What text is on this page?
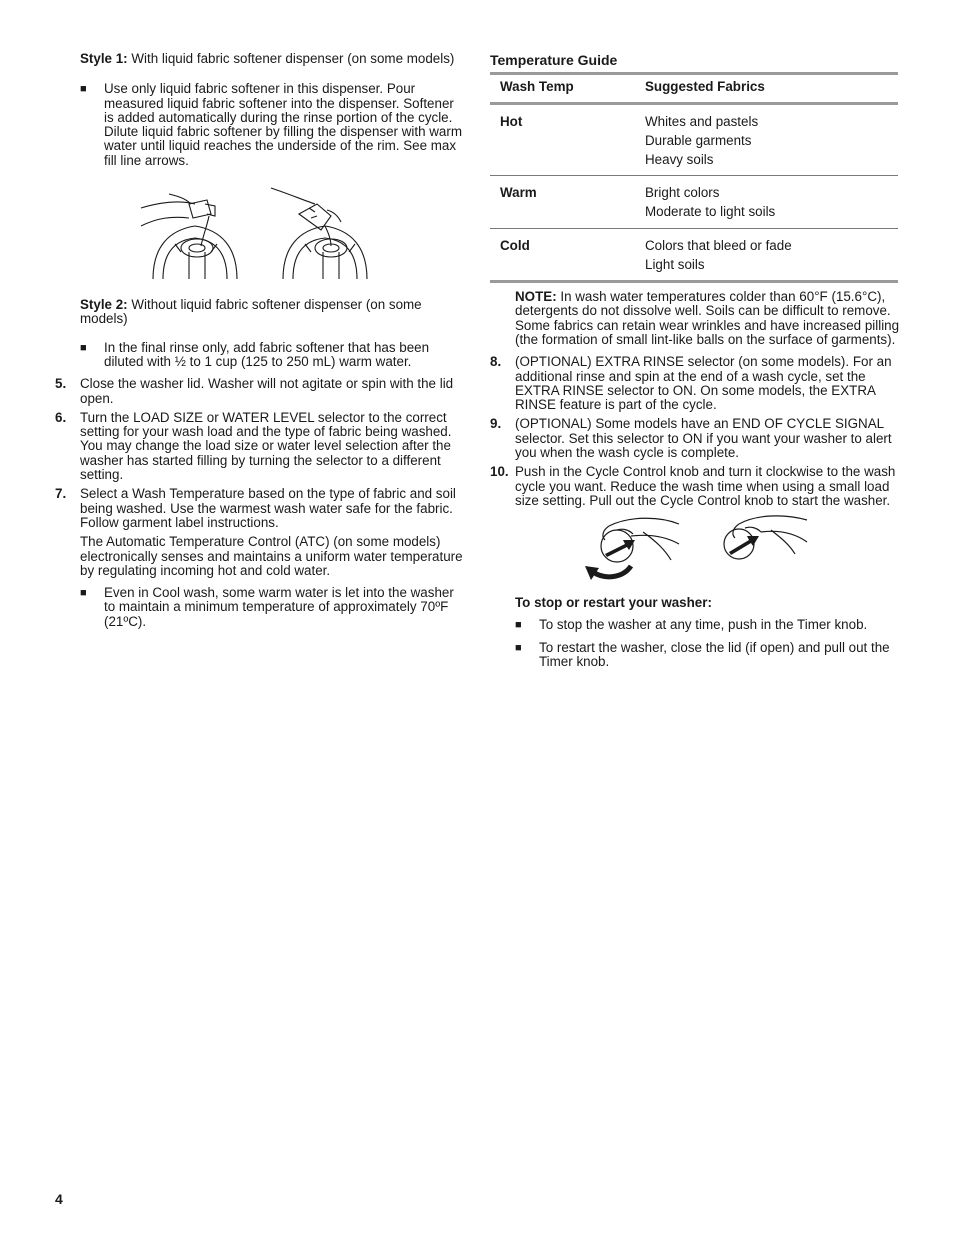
Style 1: With liquid fabric softener dispenser (on some models)

■	Use only liquid fabric softener in this dispenser. Pour measured liquid fabric softener into the dispenser. Softener is added automatically during the rinse portion of the cycle. Dilute liquid fabric softener by filling the dispenser with warm water until liquid reaches the underside of the rim. See max fill line arrows.

Style 2: Without liquid fabric softener dispenser (on some models)

■	In the final rinse only, add fabric softener that has been diluted with ½ to 1 cup (125 to 250 mL) warm water.
5.	Close the washer lid. Washer will not agitate or spin with the lid open.
6.	Turn the LOAD SIZE or WATER LEVEL selector to the correct setting for your wash load and the type of fabric being washed. You may change the load size or water level selection after the washer has started filling by turning the selector to a different setting.
7.	Select a Wash Temperature based on the type of fabric and soil being washed. Use the warmest wash water safe for the fabric. Follow garment label instructions.

The Automatic Temperature Control (ATC) (on some models) electronically senses and maintains a uniform water temperature by regulating incoming hot and cold water.

■	Even in Cool wash, some warm water is let into the washer to maintain a minimum temperature of approximately 70ºF (21ºC).
Temperature Guide
Wash Temp	Suggested Fabrics
Hot	Whites and pastels
Durable garments
Heavy soils

Warm	Bright colors
Moderate to light soils

Cold	Colors that bleed or fade
Light soils

NOTE: In wash water temperatures colder than 60°F (15.6°C), detergents do not dissolve well. Soils can be difficult to remove. Some fabrics can retain wear wrinkles and have increased pilling (the formation of small lint-like balls on the surface of garments).

8.	(OPTIONAL) EXTRA RINSE selector (on some models). For an additional rinse and spin at the end of a wash cycle, set the EXTRA RINSE selector to ON. On some models, the EXTRA RINSE feature is part of the cycle.
9.	(OPTIONAL) Some models have an END OF CYCLE SIGNAL selector. Set this selector to ON if you want your washer to alert you when the wash cycle is complete.
10. Push in the Cycle Control knob and turn it clockwise to the wash cycle you want. Reduce the wash time when using a small load size setting. Pull out the Cycle Control knob to start the washer.

To stop or restart your washer:

■	To stop the washer at any time, push in the Timer knob.
■	To restart the washer, close the lid (if open) and pull out the Timer knob.
4
